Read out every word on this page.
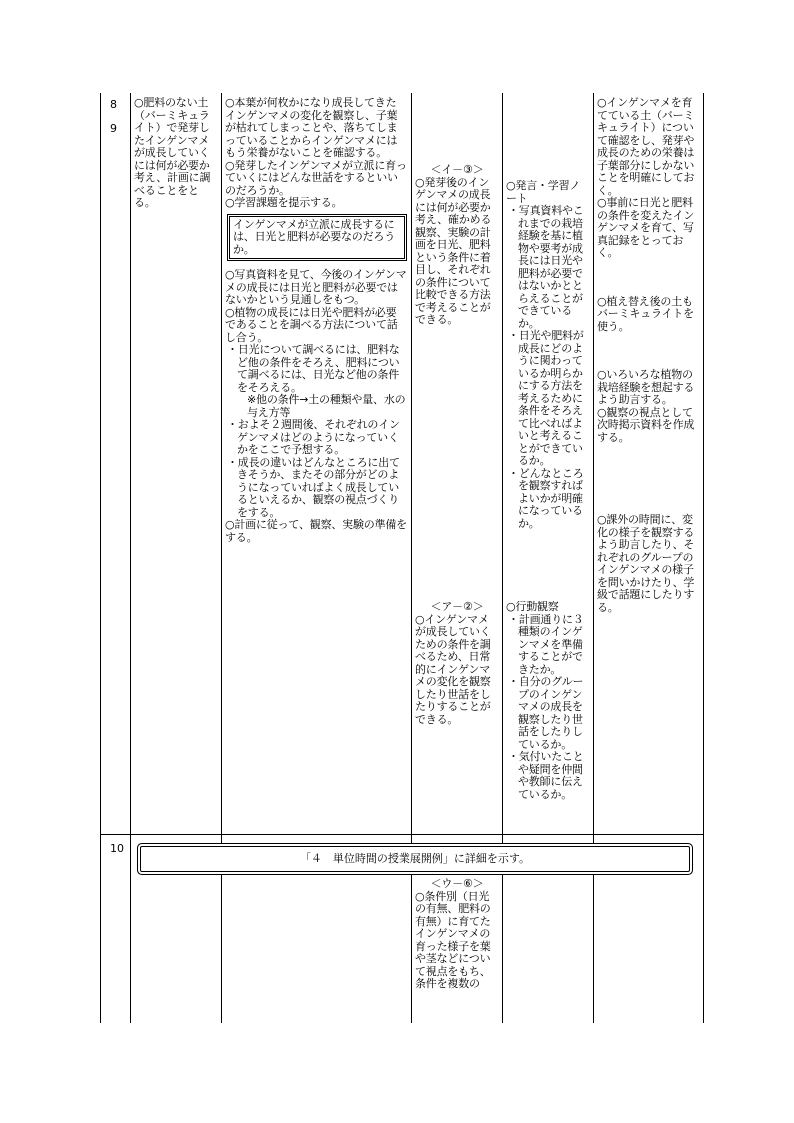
8
9

○肥料のない土（バーミキュライト）で発芽したインゲンマメが成長していくには何が必要か考え、計画に調べることをとる。

○本葉が何枚かになり成長してきたインゲンマメの変化を観察し、子葉が枯れてしまっことや、落ちてしまっていることからインゲンマメにはもう栄養がないことを確認する。

○発芽したインゲンマメが立派に育っていくにはどんな世話をするといいのだろうか。

○学習課題を提示する。

インゲンマメが立派に成長するには、日光と肥料が必要なのだろうか。

○写真資料を見て、今後のインゲンマメの成長には日光と肥料が必要ではないかという見通しをもつ。

○植物の成長には日光や肥料が必要であることを調べる方法について話し合う。

・日光について調べるには、肥料など他の条件をそろえ、肥料について調べるには、日光など他の条件をそろえる。

※他の条件→土の種類や量、水の与え方等

・およそ２週間後、それぞれのインゲンマメはどのようになっていくかをここで予想する。

・成長の違いはどんなところに出てきそうか、またその部分がどのようになっていればよく成長しているといえるか、観察の視点づくりをする。

○計画に従って、観察、実験の準備をする。

＜イ－③＞

○発芽後のインゲンマメの成長には何が必要か考え、確かめる観察、実験の計画を日光、肥料という条件に着目し、それぞれの条件について比較できる方法で考えることができる。

＜ア－②＞

○インゲンマメが成長していくための条件を調べるため、日常的にインゲンマメの変化を観察したり世話をしたりすることができる。

○発言・学習ノート

・写真資料やこれまでの栽培経験を基に植物や要考が成長には日光や肥料が必要ではないかととらえることができているか。

・日光や肥料が成長にどのように関わっているか明らかにする方法を考えるために条件をそろえて比べればよいと考えることができているか。

・どんなところを観察すればよいかが明確になっているか。

○行動観察

・計画通りに３種類のインゲンマメを準備することができたか。

・自分のグループのインゲンマメの成長を観察したり世話をしたりしているか。

・気付いたことや疑問を仲間や教師に伝えているか。

○インゲンマメを育てている土（バーミキュライト）について確認をし、発芽や成長のための栄養は子葉部分にしかないことを明確にしておく。

○事前に日光と肥料の条件を変えたインゲンマメを育て、写真記録をとっておく。

○植え替え後の土もバーミキュライトを使う。

○いろいろな植物の栽培経験を想起するよう助言する。

○観察の視点として次時掲示資料を作成する。

○課外の時間に、変化の様子を観察するよう助言したり、それぞれのグループのインゲンマメの様子を問いかけたり、学級で話題にしたりする。

10
「４　単位時間の授業展開例」に詳細を示す。

＜ウ－⑥＞

○条件別（日光の有無、肥料の有無）に育てたインゲンマメの育った様子を葉や茎などについて視点をもち、条件を複数の
